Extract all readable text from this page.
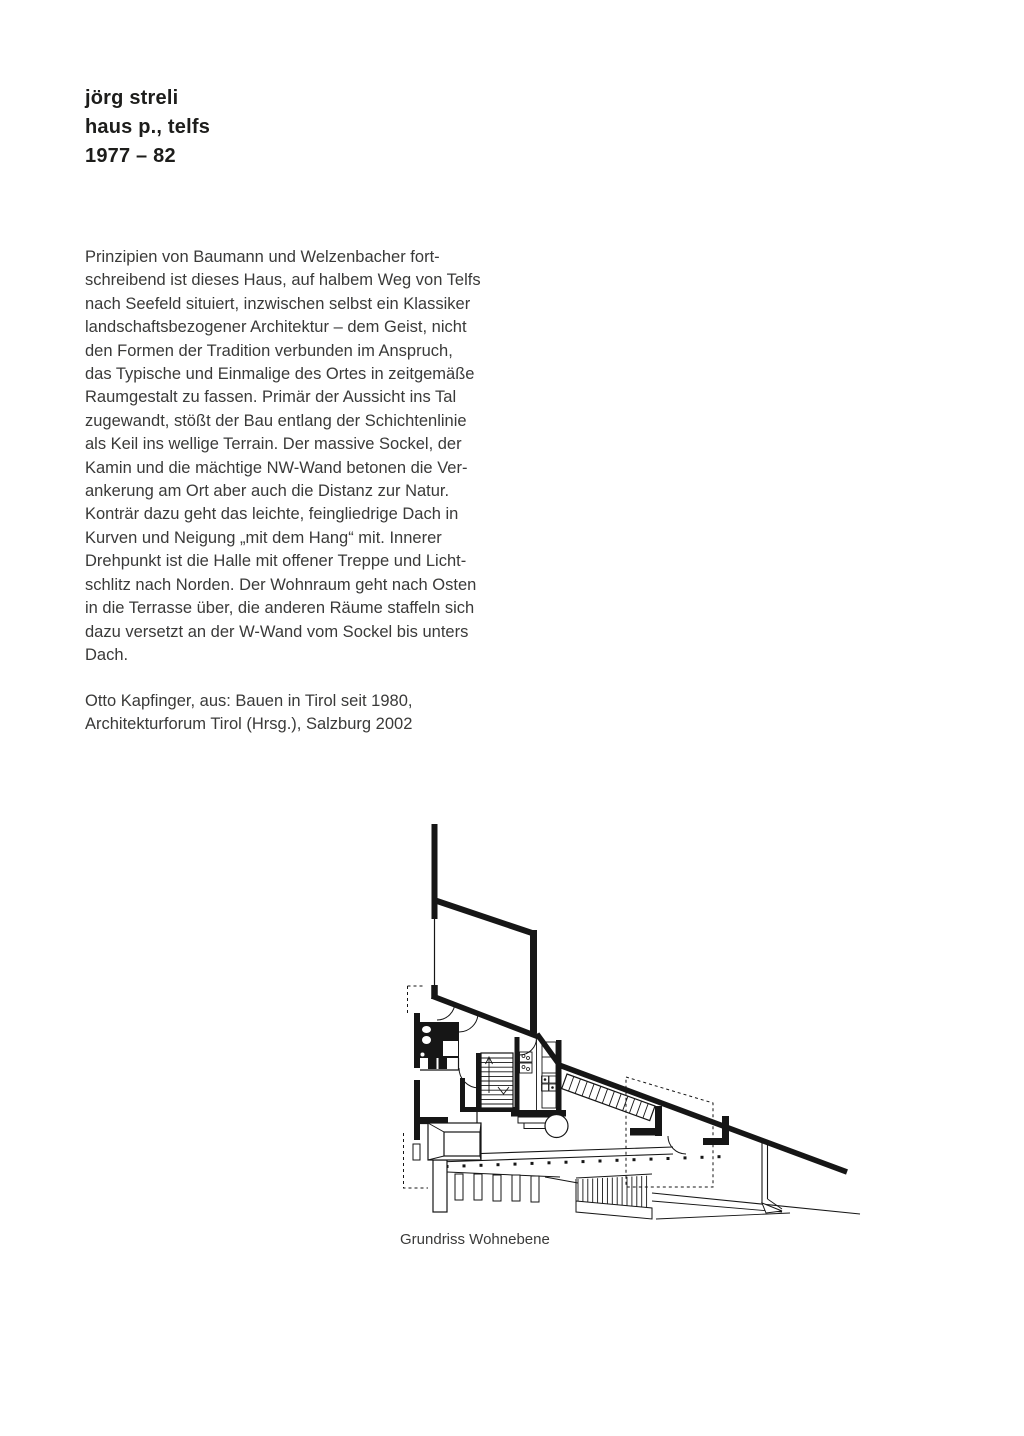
jörg streli
haus p., telfs
1977 – 82
Prinzipien von Baumann und Welzenbacher fort-
schreibend ist dieses Haus, auf halbem Weg von Telfs
nach Seefeld situiert, inzwischen selbst ein Klassiker
landschaftsbezogener Architektur – dem Geist, nicht
den Formen der Tradition verbunden im Anspruch,
das Typische und Einmalige des Ortes in zeitgemäße
Raumgestalt zu fassen. Primär der Aussicht ins Tal
zugewandt, stößt der Bau entlang der Schichtenlinie
als Keil ins wellige Terrain. Der massive Sockel, der
Kamin und die mächtige NW-Wand betonen die Ver-
ankerung am Ort aber auch die Distanz zur Natur.
Konträr dazu geht das leichte, feingliedrige Dach in
Kurven und Neigung „mit dem Hang“ mit. Innerer
Drehpunkt ist die Halle mit offener Treppe und Licht-
schlitz nach Norden. Der Wohnraum geht nach Osten
in die Terrasse über, die anderen Räume staffeln sich
dazu versetzt an der W-Wand vom Sockel bis unters
Dach.
Otto Kapfinger, aus: Bauen in Tirol seit 1980,
Architekturforum Tirol (Hrsg.), Salzburg 2002
Grundriss Wohnebene
